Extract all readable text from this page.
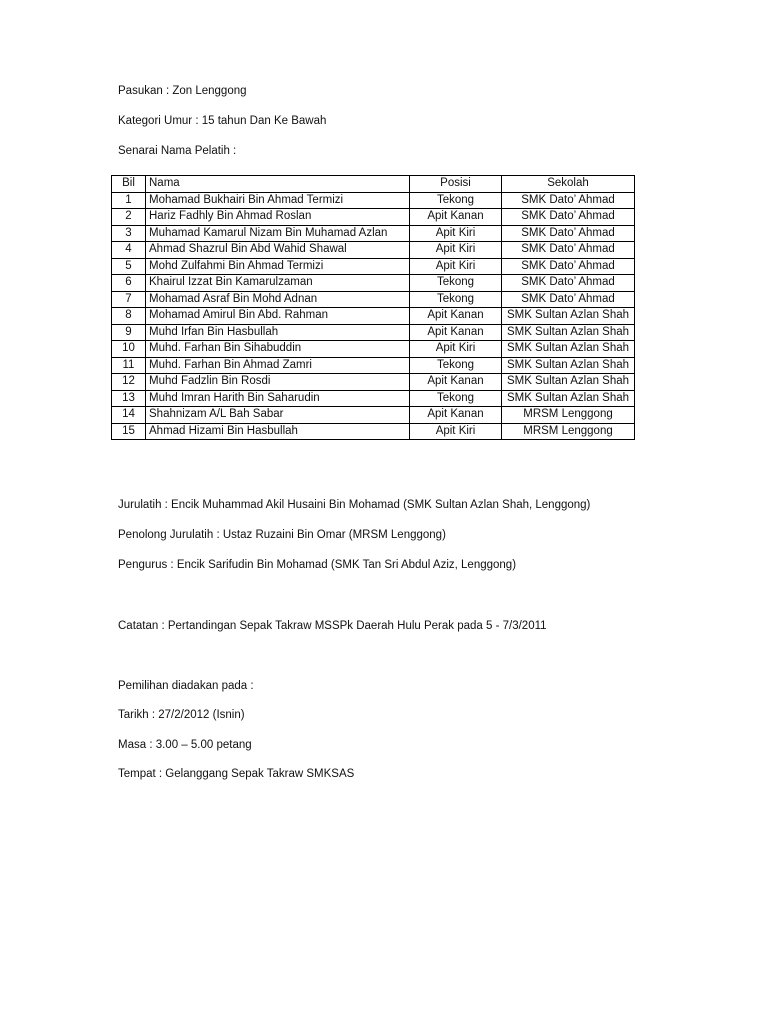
Pasukan : Zon Lenggong
Kategori Umur : 15 tahun Dan Ke Bawah
Senarai Nama Pelatih :
Bil	Nama	Posisi	Sekolah
1	Mohamad Bukhairi Bin Ahmad Termizi	Tekong	SMK Dato’ Ahmad
2	Hariz Fadhly Bin Ahmad Roslan	Apit Kanan	SMK Dato’ Ahmad
3	Muhamad Kamarul Nizam Bin Muhamad Azlan	Apit Kiri	SMK Dato’ Ahmad
4	Ahmad Shazrul Bin Abd Wahid Shawal	Apit Kiri	SMK Dato’ Ahmad
5	Mohd Zulfahmi Bin Ahmad Termizi	Apit Kiri	SMK Dato’ Ahmad
6	Khairul Izzat Bin Kamarulzaman	Tekong	SMK Dato’ Ahmad
7	Mohamad Asraf Bin Mohd Adnan	Tekong	SMK Dato’ Ahmad
8	Mohamad Amirul Bin Abd. Rahman	Apit Kanan	SMK Sultan Azlan Shah
9	Muhd Irfan Bin Hasbullah	Apit Kanan	SMK Sultan Azlan Shah
10	Muhd. Farhan Bin Sihabuddin	Apit Kiri	SMK Sultan Azlan Shah
11	Muhd. Farhan Bin Ahmad Zamri	Tekong	SMK Sultan Azlan Shah
12	Muhd Fadzlin Bin Rosdi	Apit Kanan	SMK Sultan Azlan Shah
13	Muhd Imran Harith Bin Saharudin	Tekong	SMK Sultan Azlan Shah
14	Shahnizam A/L Bah Sabar	Apit Kanan	MRSM Lenggong
15	Ahmad Hizami Bin Hasbullah	Apit Kiri	MRSM Lenggong
Jurulatih : Encik Muhammad Akil Husaini Bin Mohamad (SMK Sultan Azlan Shah, Lenggong)
Penolong Jurulatih : Ustaz Ruzaini Bin Omar (MRSM Lenggong)
Pengurus : Encik Sarifudin Bin Mohamad (SMK Tan Sri Abdul Aziz, Lenggong)
Catatan : Pertandingan Sepak Takraw MSSPk Daerah Hulu Perak pada 5 - 7/3/2011
Pemilihan diadakan pada :
Tarikh : 27/2/2012 (Isnin)
Masa : 3.00 – 5.00 petang
Tempat : Gelanggang Sepak Takraw SMKSAS
